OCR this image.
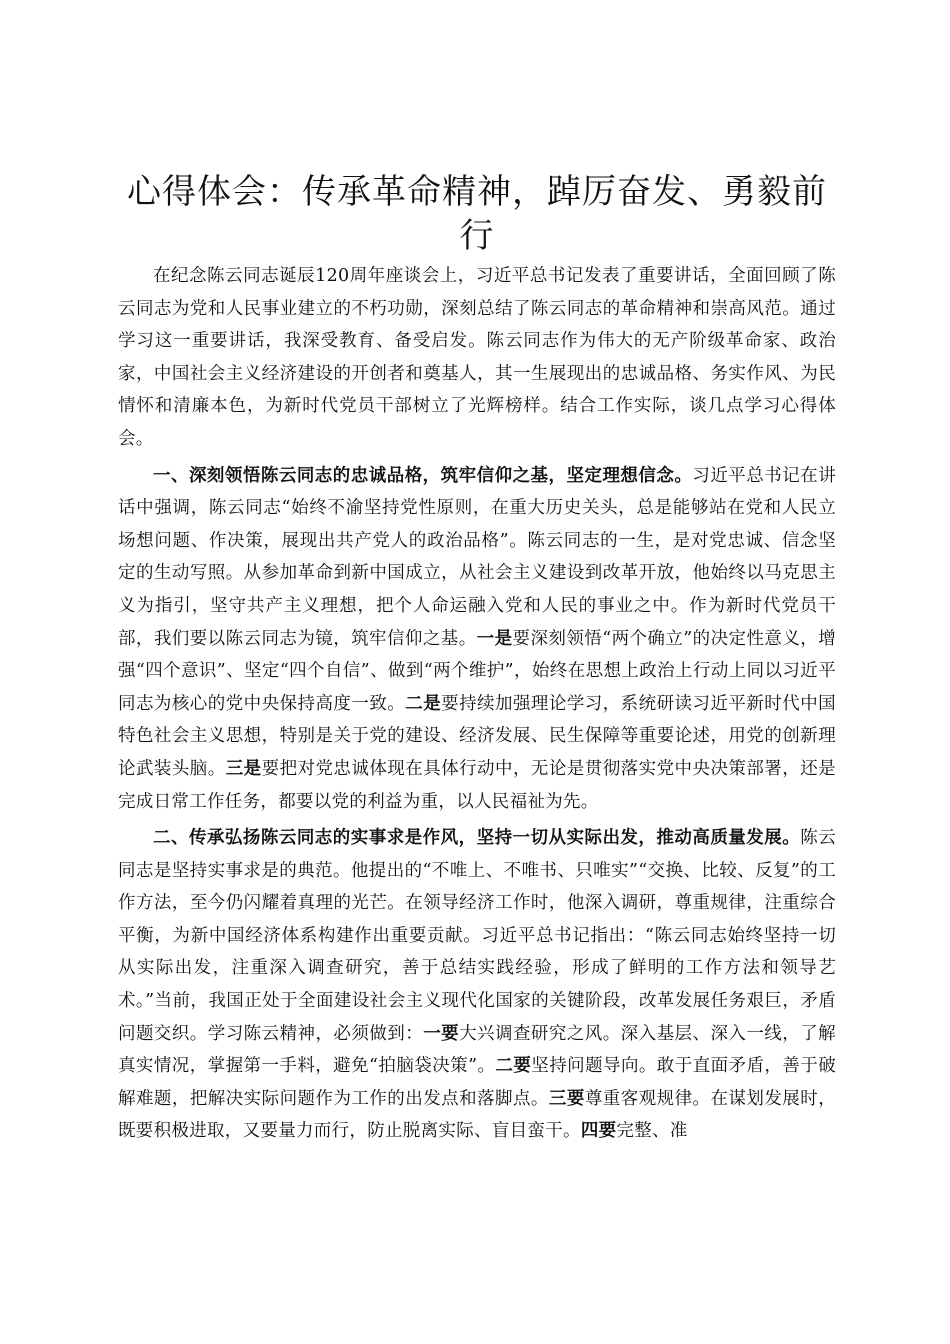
心得体会：传承革命精神，踔厉奋发、勇毅前行

在纪念陈云同志诞辰120周年座谈会上，习近平总书记发表了重要讲话，全面回顾了陈云同志为党和人民事业建立的不朽功勋，深刻总结了陈云同志的革命精神和崇高风范。通过学习这一重要讲话，我深受教育、备受启发。陈云同志作为伟大的无产阶级革命家、政治家，中国社会主义经济建设的开创者和奠基人，其一生展现出的忠诚品格、务实作风、为民情怀和清廉本色，为新时代党员干部树立了光辉榜样。结合工作实际，谈几点学习心得体会。

一、深刻领悟陈云同志的忠诚品格，筑牢信仰之基，坚定理想信念。习近平总书记在讲话中强调，陈云同志“始终不渝坚持党性原则，在重大历史关头，总是能够站在党和人民立场想问题、作决策，展现出共产党人的政治品格”。陈云同志的一生，是对党忠诚、信念坚定的生动写照。从参加革命到新中国成立，从社会主义建设到改革开放，他始终以马克思主义为指引，坚守共产主义理想，把个人命运融入党和人民的事业之中。作为新时代党员干部，我们要以陈云同志为镜，筑牢信仰之基。一是要深刻领悟“两个确立”的决定性意义，增强“四个意识”、坚定“四个自信”、做到“两个维护”，始终在思想上政治上行动上同以习近平同志为核心的党中央保持高度一致。二是要持续加强理论学习，系统研读习近平新时代中国特色社会主义思想，特别是关于党的建设、经济发展、民生保障等重要论述，用党的创新理论武装头脑。三是要把对党忠诚体现在具体行动中，无论是贯彻落实党中央决策部署，还是完成日常工作任务，都要以党的利益为重，以人民福祉为先。

二、传承弘扬陈云同志的实事求是作风，坚持一切从实际出发，推动高质量发展。陈云同志是坚持实事求是的典范。他提出的“不唯上、不唯书、只唯实”“交换、比较、反复”的工作方法，至今仍闪耀着真理的光芒。在领导经济工作时，他深入调研，尊重规律，注重综合平衡，为新中国经济体系构建作出重要贡献。习近平总书记指出：“陈云同志始终坚持一切从实际出发，注重深入调查研究，善于总结实践经验，形成了鲜明的工作方法和领导艺术。”当前，我国正处于全面建设社会主义现代化国家的关键阶段，改革发展任务艰巨，矛盾问题交织。学习陈云精神，必须做到：一要大兴调查研究之风。深入基层、深入一线，了解真实情况，掌握第一手料，避免“拍脑袋决策”。二要坚持问题导向。敢于直面矛盾，善于破解难题，把解决实际问题作为工作的出发点和落脚点。三要尊重客观规律。在谋划发展时，既要积极进取，又要量力而行，防止脱离实际、盲目蛮干。四要完整、准
